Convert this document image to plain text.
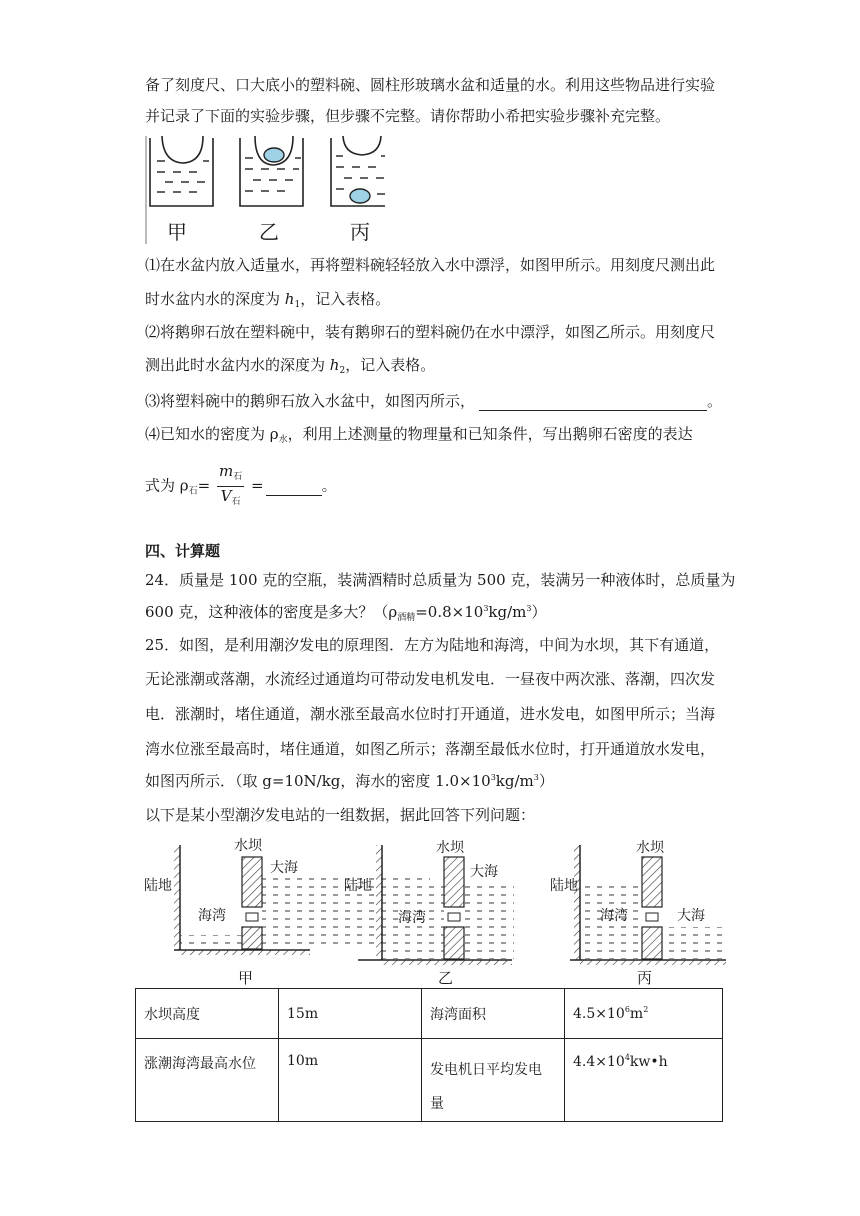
备了刻度尺、口大底小的塑料碗、圆柱形玻璃水盆和适量的水。利用这些物品进行实验
并记录了下面的实验步骤，但步骤不完整。请你帮助小希把实验步骤补充完整。
甲	乙	丙
⑴在水盆内放入适量水，再将塑料碗轻轻放入水中漂浮，如图甲所示。用刻度尺测出此
时水盆内水的深度为 $h_1$，记入表格。
⑵将鹅卵石放在塑料碗中，装有鹅卵石的塑料碗仍在水中漂浮，如图乙所示。用刻度尺
测出此时水盆内水的深度为 $h_2$，记入表格。
⑶将塑料碗中的鹅卵石放入水盆中，如图丙所示，	。
⑷已知水的密度为 $\rho_水$，利用上述测量的物理量和已知条件，写出鹅卵石密度的表达
式为 $\rho_石= \frac{m_石}{V_石}$ =	。
四、计算题
24．质量是 100 克的空瓶，装满酒精时总质量为 500 克，装满另一种液体时，总质量为
600 克，这种液体的密度是多大？$(\rho_{酒精}=0.8\times 10^3kg/m^3)$
25．如图，是利用潮汐发电的原理图．左方为陆地和海湾，中间为水坝，其下有通道，
无论涨潮或落潮，水流经过通道均可带动发电机发电．一昼夜中两次涨、落潮，四次发
电．涨潮时，堵住通道，潮水涨至最高水位时打开通道，进水发电，如图甲所示；当海
湾水位涨至最高时，堵住通道，如图乙所示；落潮至最低水位时，打开通道放水发电，
如图丙所示．（取 g=10N/kg，海水的密度 $1.0\times 10^3kg/m^3$）
以下是某小型潮汐发电站的一组数据，据此回答下列问题：
陆地
水坝
大海
海湾
甲
陆地
水坝
大海
海湾
乙
陆地
水坝
大海
海湾
丙
水坝高度	15m	海湾面积	$4.5\times 10^6m^2$
涨潮海湾最高水位	10m	发电机日平均发电
量	$4.4\times 10^4kw•h$
